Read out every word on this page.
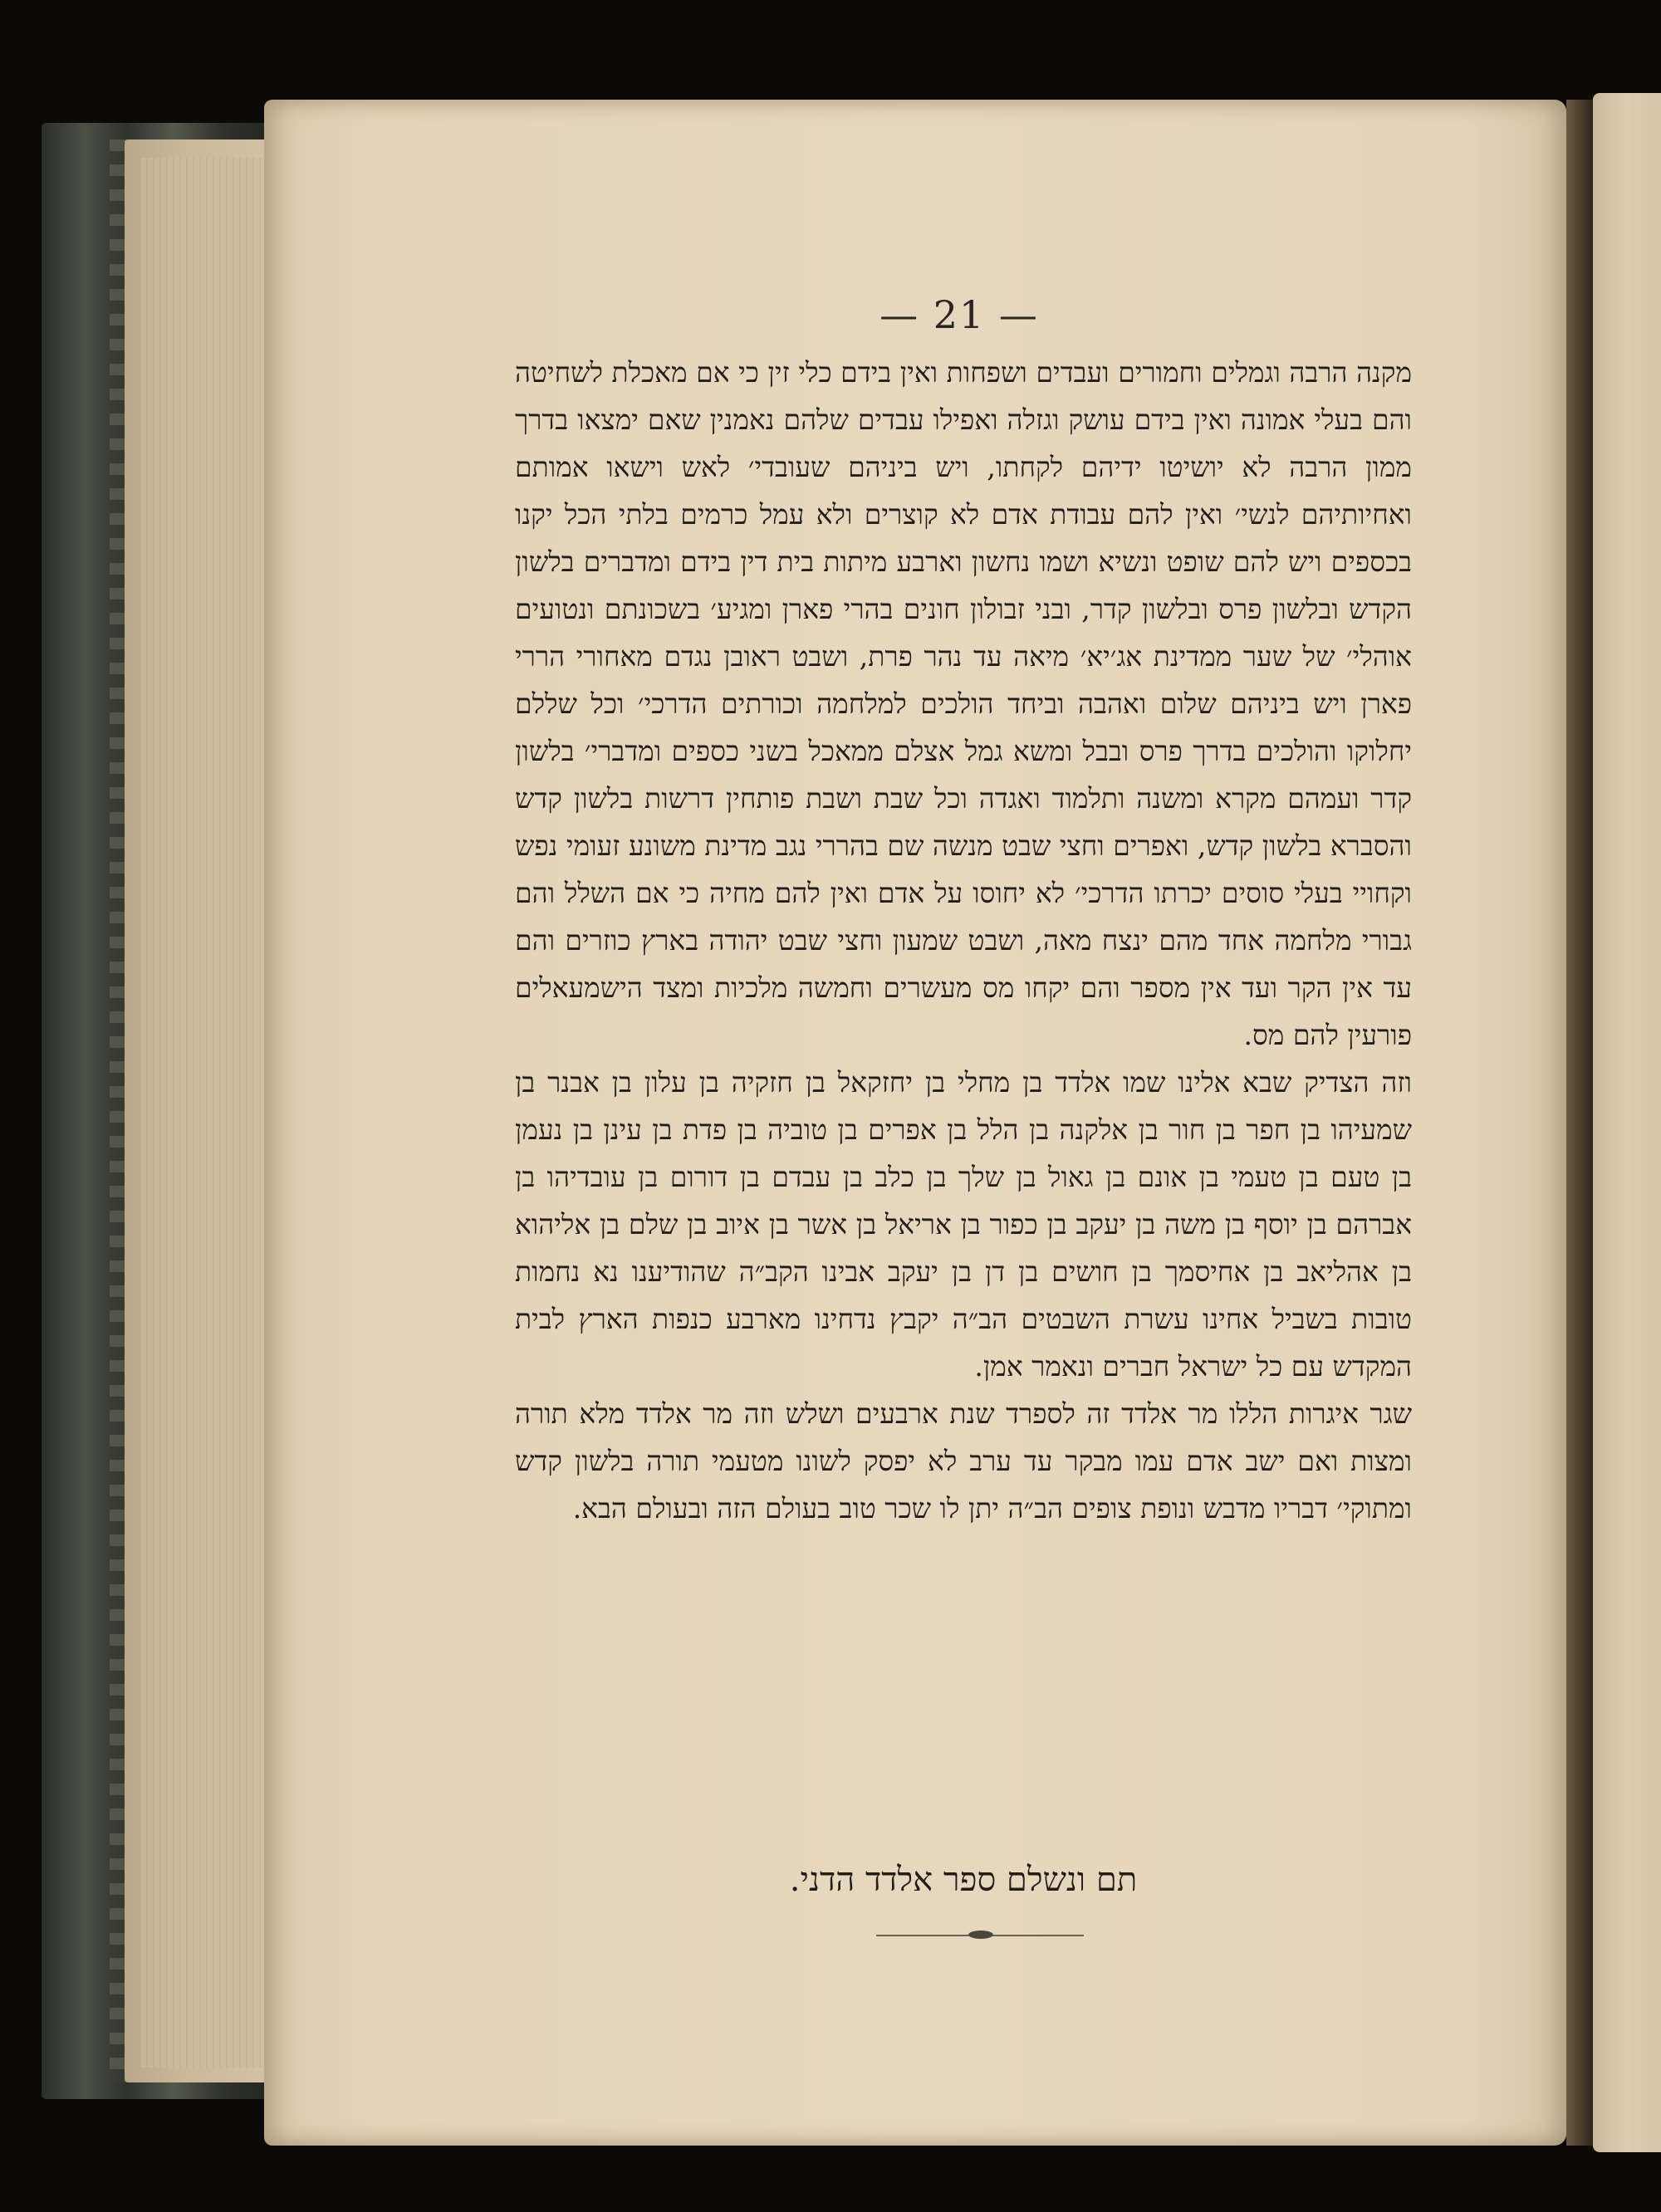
— 21 —

מקנה הרבה וגמלים וחמורים ועבדים ושפחות ואין בידם כלי זין כי אם מאכלת לשחיטה והם בעלי אמונה ואין בידם עושק וגזלה ואפילו עבדים שלהם נאמנין שאם ימצאו בדרך ממון הרבה לא יושיטו ידיהם לקחתו, ויש ביניהם שעובדי׳ לאש וישאו אמותם ואחיותיהם לנשי׳ ואין להם עבודת אדם לא קוצרים ולא עמל כרמים בלתי הכל יקנו בכספים ויש להם שופט ונשיא ושמו נחשון וארבע מיתות בית דין בידם ומדברים בלשון הקדש ובלשון פרס ובלשון קדר, ובני זבולון חונים בהרי פארן ומגיע׳ בשכונתם ונטועים אוהלי׳ של שער ממדינת אג׳יא׳ מיאה עד נהר פרת, ושבט ראובן נגדם מאחורי הררי פארן ויש ביניהם שלום ואהבה וביחד הולכים למלחמה וכורתים הדרכי׳ וכל שללם יחלוקו והולכים בדרך פרס ובבל ומשא גמל אצלם ממאכל בשני כספים ומדברי׳ בלשון קדר ועמהם מקרא ומשנה ותלמוד ואגדה וכל שבת ושבת פותחין דרשות בלשון קדש והסברא בלשון קדש, ואפרים וחצי שבט מנשה שם בהררי נגב מדינת משונע זעומי נפש וקחויי בעלי סוסים יכרתו הדרכי׳ לא יחוסו על אדם ואין להם מחיה כי אם השלל והם גבורי מלחמה אחד מהם ינצח מאה, ושבט שמעון וחצי שבט יהודה בארץ כוזרים והם עד אין הקר ועד אין מספר והם יקחו מס מעשרים וחמשה מלכיות ומצד הישמעאלים פורעין להם מס.

וזה הצדיק שבא אלינו שמו אלדד בן מחלי בן יחזקאל בן חזקיה בן עלון בן אבנר בן שמעיהו בן חפר בן חור בן אלקנה בן הלל בן אפרים בן טוביה בן פדת בן עינן בן נעמן בן טעם בן טעמי בן אונם בן גאול בן שלך בן כלב בן עבדם בן דורום בן עובדיהו בן אברהם בן יוסף בן משה בן יעקב בן כפור בן אריאל בן אשר בן איוב בן שלם בן אליהוא בן אהליאב בן אחיסמך בן חושים בן דן בן יעקב אבינו הקב״ה שהודיענו נא נחמות טובות בשביל אחינו עשרת השבטים הב״ה יקבץ נדחינו מארבע כנפות הארץ לבית המקדש עם כל ישראל חברים ונאמר אמן.

שגר איגרות הללו מר אלדד זה לספרד שנת ארבעים ושלש וזה מר אלדד מלא תורה ומצות ואם ישב אדם עמו מבקר עד ערב לא יפסק לשונו מטעמי תורה בלשון קדש ומתוקי׳ דבריו מדבש ונופת צופים הב״ה יתן לו שכר טוב בעולם הזה ובעולם הבא.

תם ונשלם ספר אלדד הדני.
